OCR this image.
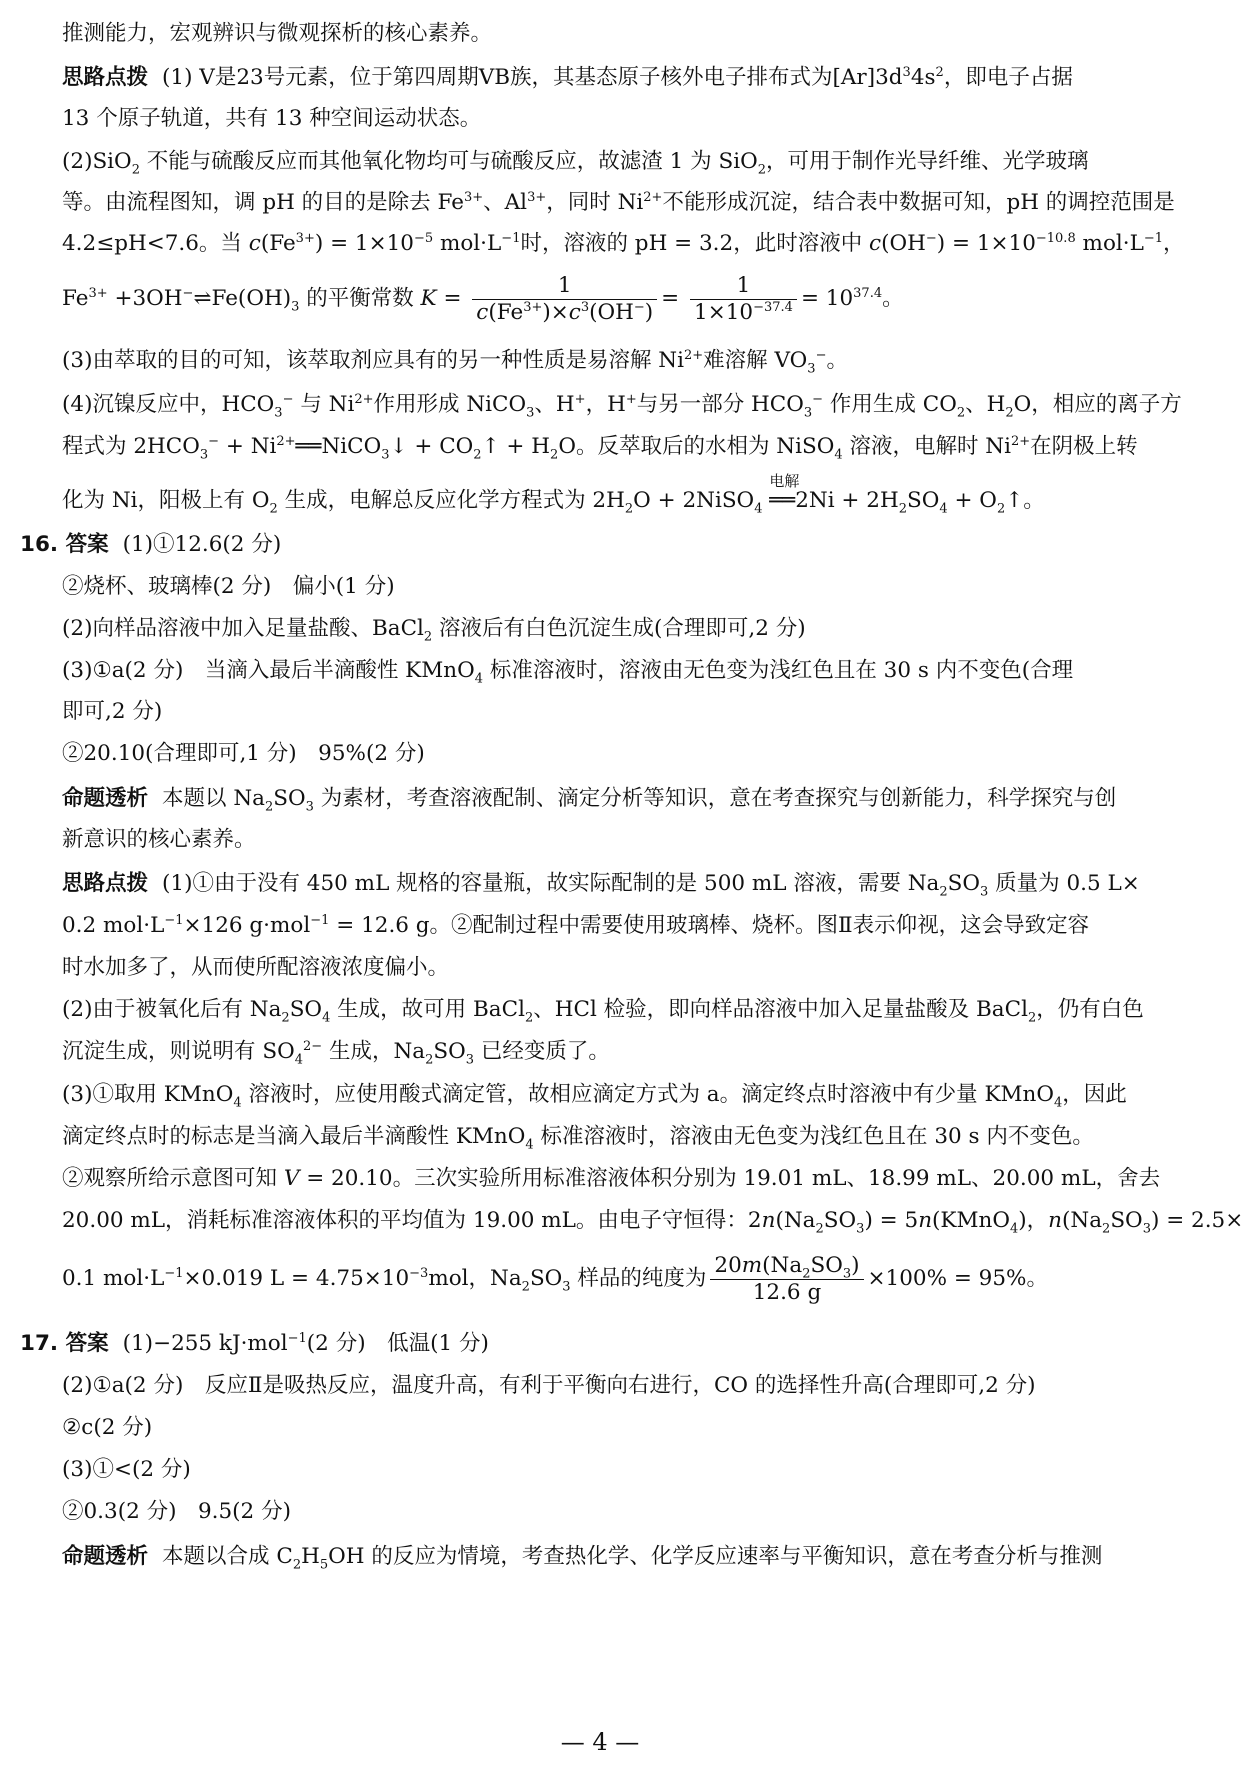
推测能力，宏观辨识与微观探析的核心素养。
思路点拨 (1) V是23号元素，位于第四周期ⅤB族，其基态原子核外电子排布式为$[Ar]3d^34s^2$，即电子占据
13 个原子轨道，共有 13 种空间运动状态。
(2)SiO$_2$ 不能与硫酸反应而其他氧化物均可与硫酸反应，故滤渣 1 为 SiO$_2$，可用于制作光导纤维、光学玻璃
等。由流程图知，调 pH 的目的是除去 $Fe^{3+}$、$Al^{3+}$，同时 $Ni^{2+}$不能形成沉淀，结合表中数据可知，pH 的调控范围是
4.2≤pH<7.6。当 $c(Fe^{3+}) = 1\times 10^{-5}$ $mol\cdot L^{-1}$时，溶液的 pH = 3.2，此时溶液中 $c(OH^-) = 1\times 10^{-10.8}$ $mol\cdot L^{-1}$，
$Fe^{3+}$ $+3OH^-\rightleftharpoons Fe(OH)_3$ 的平衡常数 $K = \frac{1}{c(Fe^{3+})\times c^3(OH^-)} = \frac{1}{1\times 10^{-37.4}} = 10^{37.4}$。
(3)由萃取的目的可知，该萃取剂应具有的另一种性质是易溶解 $Ni^{2+}$难溶解 $VO_3^-$。
(4)沉镍反应中，$HCO_3^-$ 与 $Ni^{2+}$作用形成 NiCO$_3$、H+，H+与另一部分 $HCO_3^-$ 作用生成 $CO_2$、$H_2O$，相应的离子方
程式为 $2HCO_3^-$ + $Ni^{2+}══NiCO_3↓$ + $CO_2↑ + H_2O$。反萃取后的水相为 NiSO$_4$ 溶液，电解时 $Ni^{2+}$在阴极上转
化为 Ni，阳极上有 $O_2$ 生成，电解总反应化学方程式为 $2H_2O$ + 2NiSO$_4$
电解
══2Ni + $2H_2SO_4$ + $O_2↑$。
16. 答案 (1)①12.6(2 分)
②烧杯、玻璃棒(2 分)　偏小(1 分)
(2)向样品溶液中加入足量盐酸、BaCl$_2$ 溶液后有白色沉淀生成(合理即可,2 分)
(3)①a(2 分)　当滴入最后半滴酸性 KMnO$_4$ 标准溶液时，溶液由无色变为浅红色且在 30 s 内不变色(合理
即可,2 分)
②20.10(合理即可,1 分)　95%(2 分)
命题透析 本题以 $Na_2SO_3$ 为素材，考查溶液配制、滴定分析等知识，意在考查探究与创新能力，科学探究与创
新意识的核心素养。
思路点拨 (1)①由于没有 450 mL 规格的容量瓶，故实际配制的是 500 mL 溶液，需要 $Na_2SO_3$ 质量为 0.5 L×
0.2 $mol\cdot L^{-1}\times 126$ g·mol$^{-1}$ = 12.6 g。②配制过程中需要使用玻璃棒、烧杯。图Ⅱ表示仰视，这会导致定容
时水加多了，从而使所配溶液浓度偏小。
(2)由于被氧化后有 $Na_2SO_4$ 生成，故可用 BaCl$_2$、HCl 检验，即向样品溶液中加入足量盐酸及 BaCl$_2$，仍有白色
沉淀生成，则说明有 $SO_4^{2-}$ 生成，$Na_2SO_3$ 已经变质了。
(3)①取用 KMnO$_4$ 溶液时，应使用酸式滴定管，故相应滴定方式为 a。滴定终点时溶液中有少量 KMnO$_4$，因此
滴定终点时的标志是当滴入最后半滴酸性 KMnO$_4$ 标准溶液时，溶液由无色变为浅红色且在 30 s 内不变色。
②观察所给示意图可知 V = 20.10。三次实验所用标准溶液体积分别为 19.01 mL、18.99 mL、20.00 mL，舍去
20.00 mL，消耗标准溶液体积的平均值为 19.00 mL。由电子守恒得：$2n(Na_2SO_3)$ = 5n(KMnO$_4$)，$n(Na_2SO_3) = 2.5\times$
0.1 $mol\cdot L^{-1}\times 0.019$ $L = 4.75\times 10^{-3}mol$，$Na_2SO_3$ 样品的纯度为 $\frac{20m(Na_2SO_3)}{12.6 g} \times 100\% = 95\%$。
17. 答案 (1)−255 kJ·mol$^{-1}$(2 分)　低温(1 分)
(2)①a(2 分)　反应Ⅱ是吸热反应，温度升高，有利于平衡向右进行，CO 的选择性升高(合理即可,2 分)
②c(2 分)
(3)①<(2 分)
②0.3(2 分)　9.5(2 分)
命题透析 本题以合成 $C_2H_5OH$ 的反应为情境，考查热化学、化学反应速率与平衡知识，意在考查分析与推测
— 4 —
